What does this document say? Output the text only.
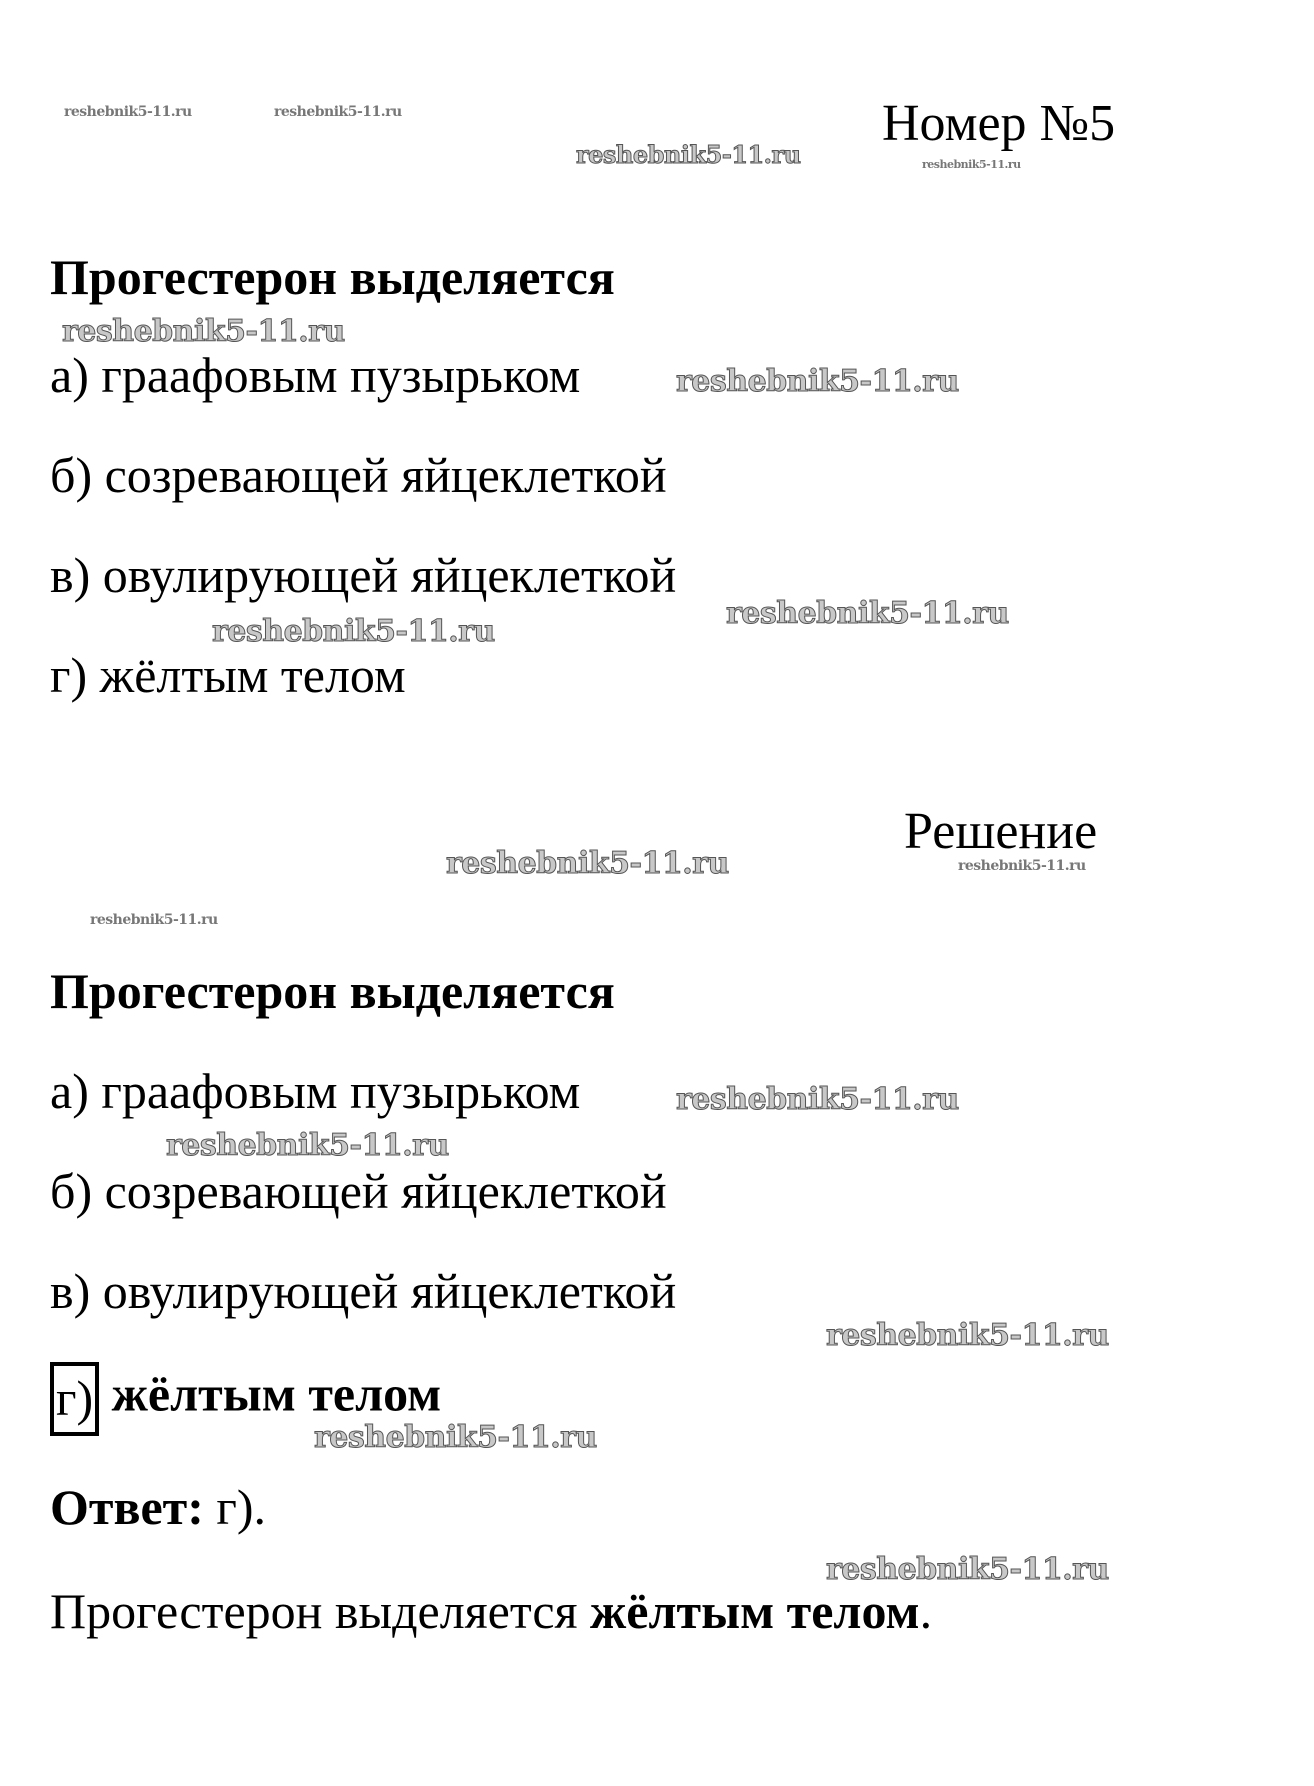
reshebnik5-11.ru	reshebnik5-11.ru
reshebnik5-11.ru	reshebnik5-11.ru
reshebnik5-11.ru
reshebnik5-11.ru
reshebnik5-11.ru
reshebnik5-11.ru
reshebnik5-11.ru	reshebnik5-11.ru
reshebnik5-11.ru
reshebnik5-11.ru
reshebnik5-11.ru
reshebnik5-11.ru
reshebnik5-11.ru
reshebnik5-11.ru
Номер №5
Прогестерон выделяется
а) граафовым пузырьком
б) созревающей яйцеклеткой
в) овулирующей яйцеклеткой
г) жёлтым телом
Решение
Прогестерон выделяется
а) граафовым пузырьком
б) созревающей яйцеклеткой
в) овулирующей яйцеклеткой
г) жёлтым телом
Ответ: г).
Прогестерон выделяется жёлтым телом.
